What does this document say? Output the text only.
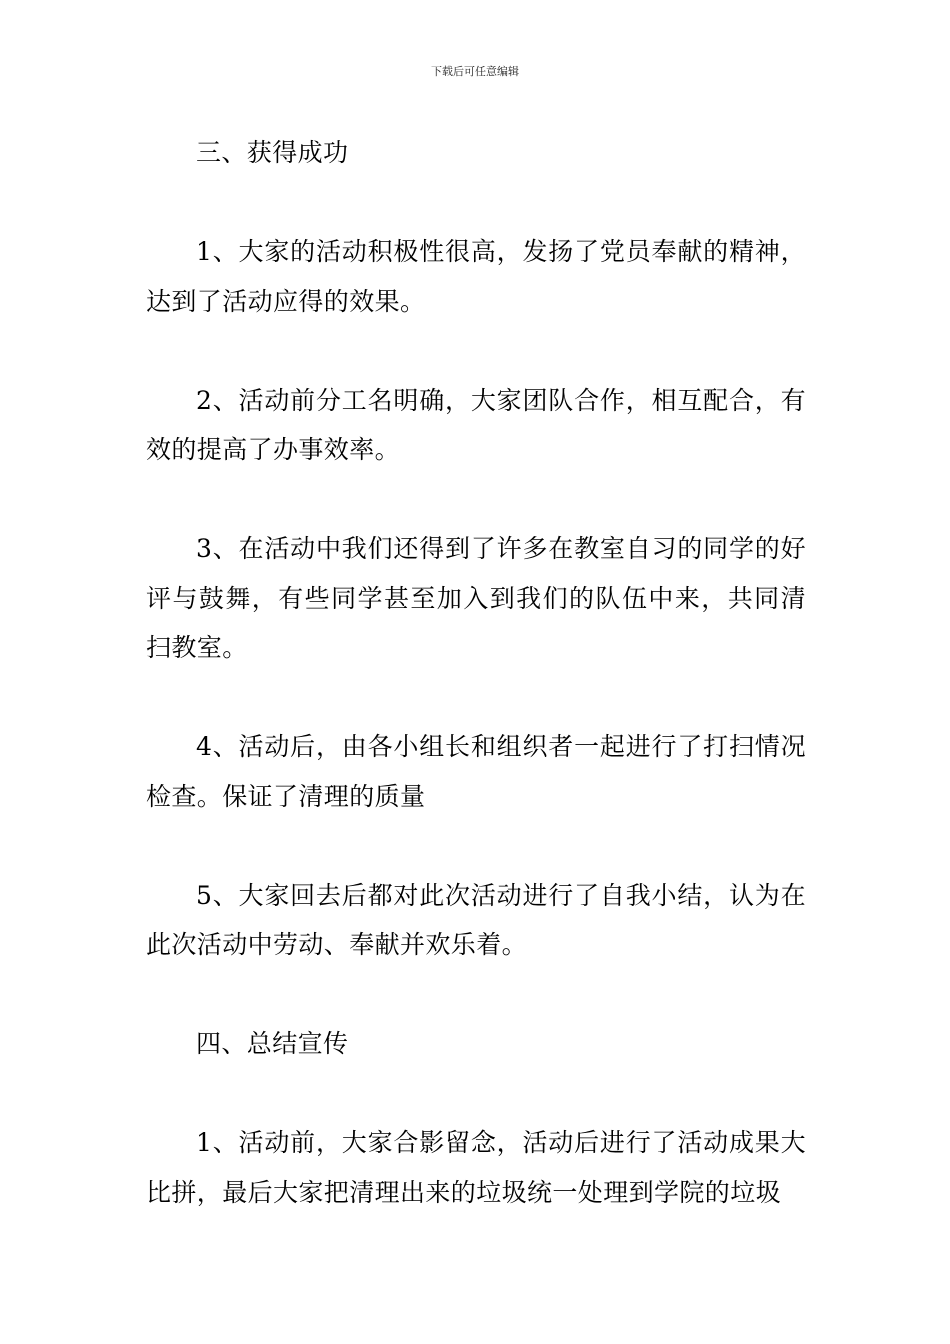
下载后可任意编辑

三、获得成功

1、大家的活动积极性很高，发扬了党员奉献的精神，达到了活动应得的效果。

2、活动前分工名明确，大家团队合作，相互配合，有效的提高了办事效率。

3、在活动中我们还得到了许多在教室自习的同学的好评与鼓舞，有些同学甚至加入到我们的队伍中来，共同清扫教室。

4、活动后，由各小组长和组织者一起进行了打扫情况检查。保证了清理的质量

5、大家回去后都对此次活动进行了自我小结，认为在此次活动中劳动、奉献并欢乐着。

四、总结宣传

1、活动前，大家合影留念，活动后进行了活动成果大比拼，最后大家把清理出来的垃圾统一处理到学院的垃圾
